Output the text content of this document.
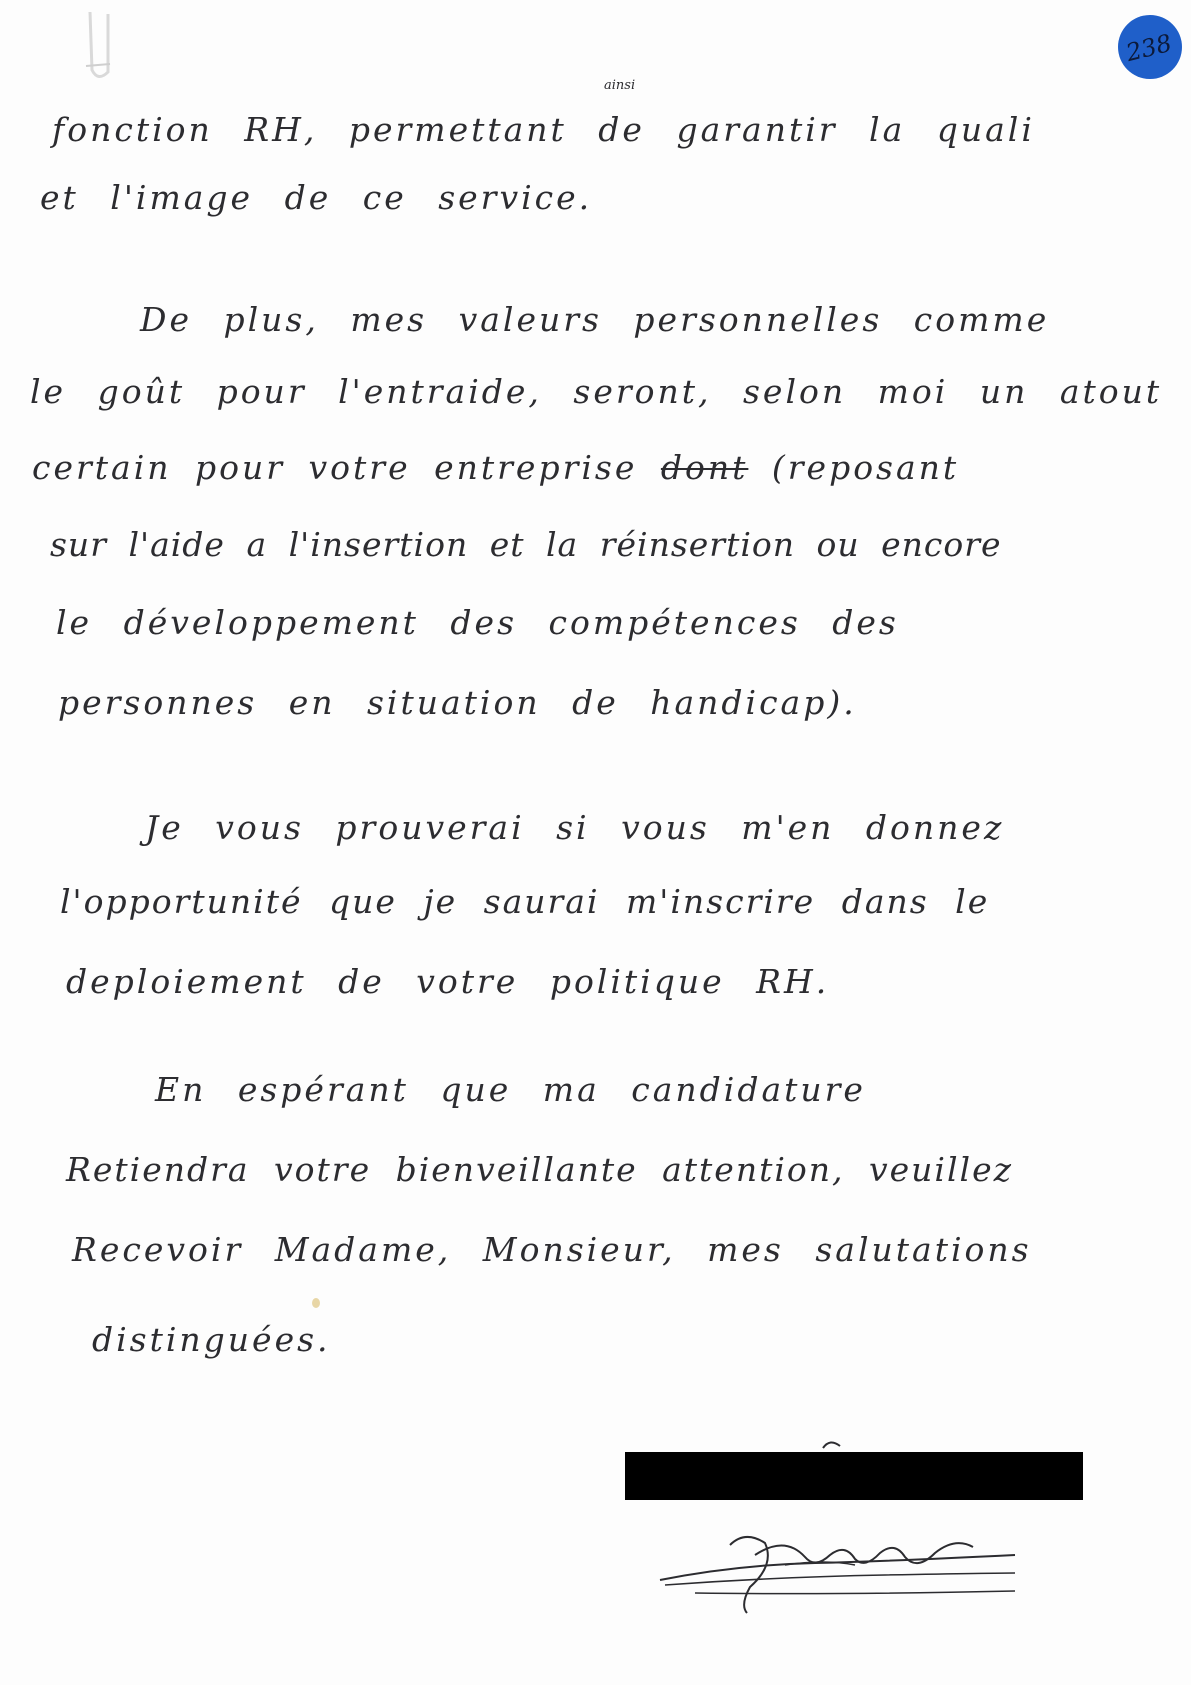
238
ainsi
fonction RH, permettant de garantir la quali
et l'image de ce service.
De plus, mes valeurs personnelles comme
le goût pour l'entraide, seront, selon moi un atout
certain pour votre entreprise dont (reposant
sur l'aide a l'insertion et la réinsertion ou encore
le développement des compétences des
personnes en situation de handicap).
Je vous prouverai si vous m'en donnez
l'opportunité que je saurai m'inscrire dans le
deploiement de votre politique RH.
En espérant que ma candidature
Retiendra votre bienveillante attention, veuillez
Recevoir Madame, Monsieur, mes salutations
distinguées.
